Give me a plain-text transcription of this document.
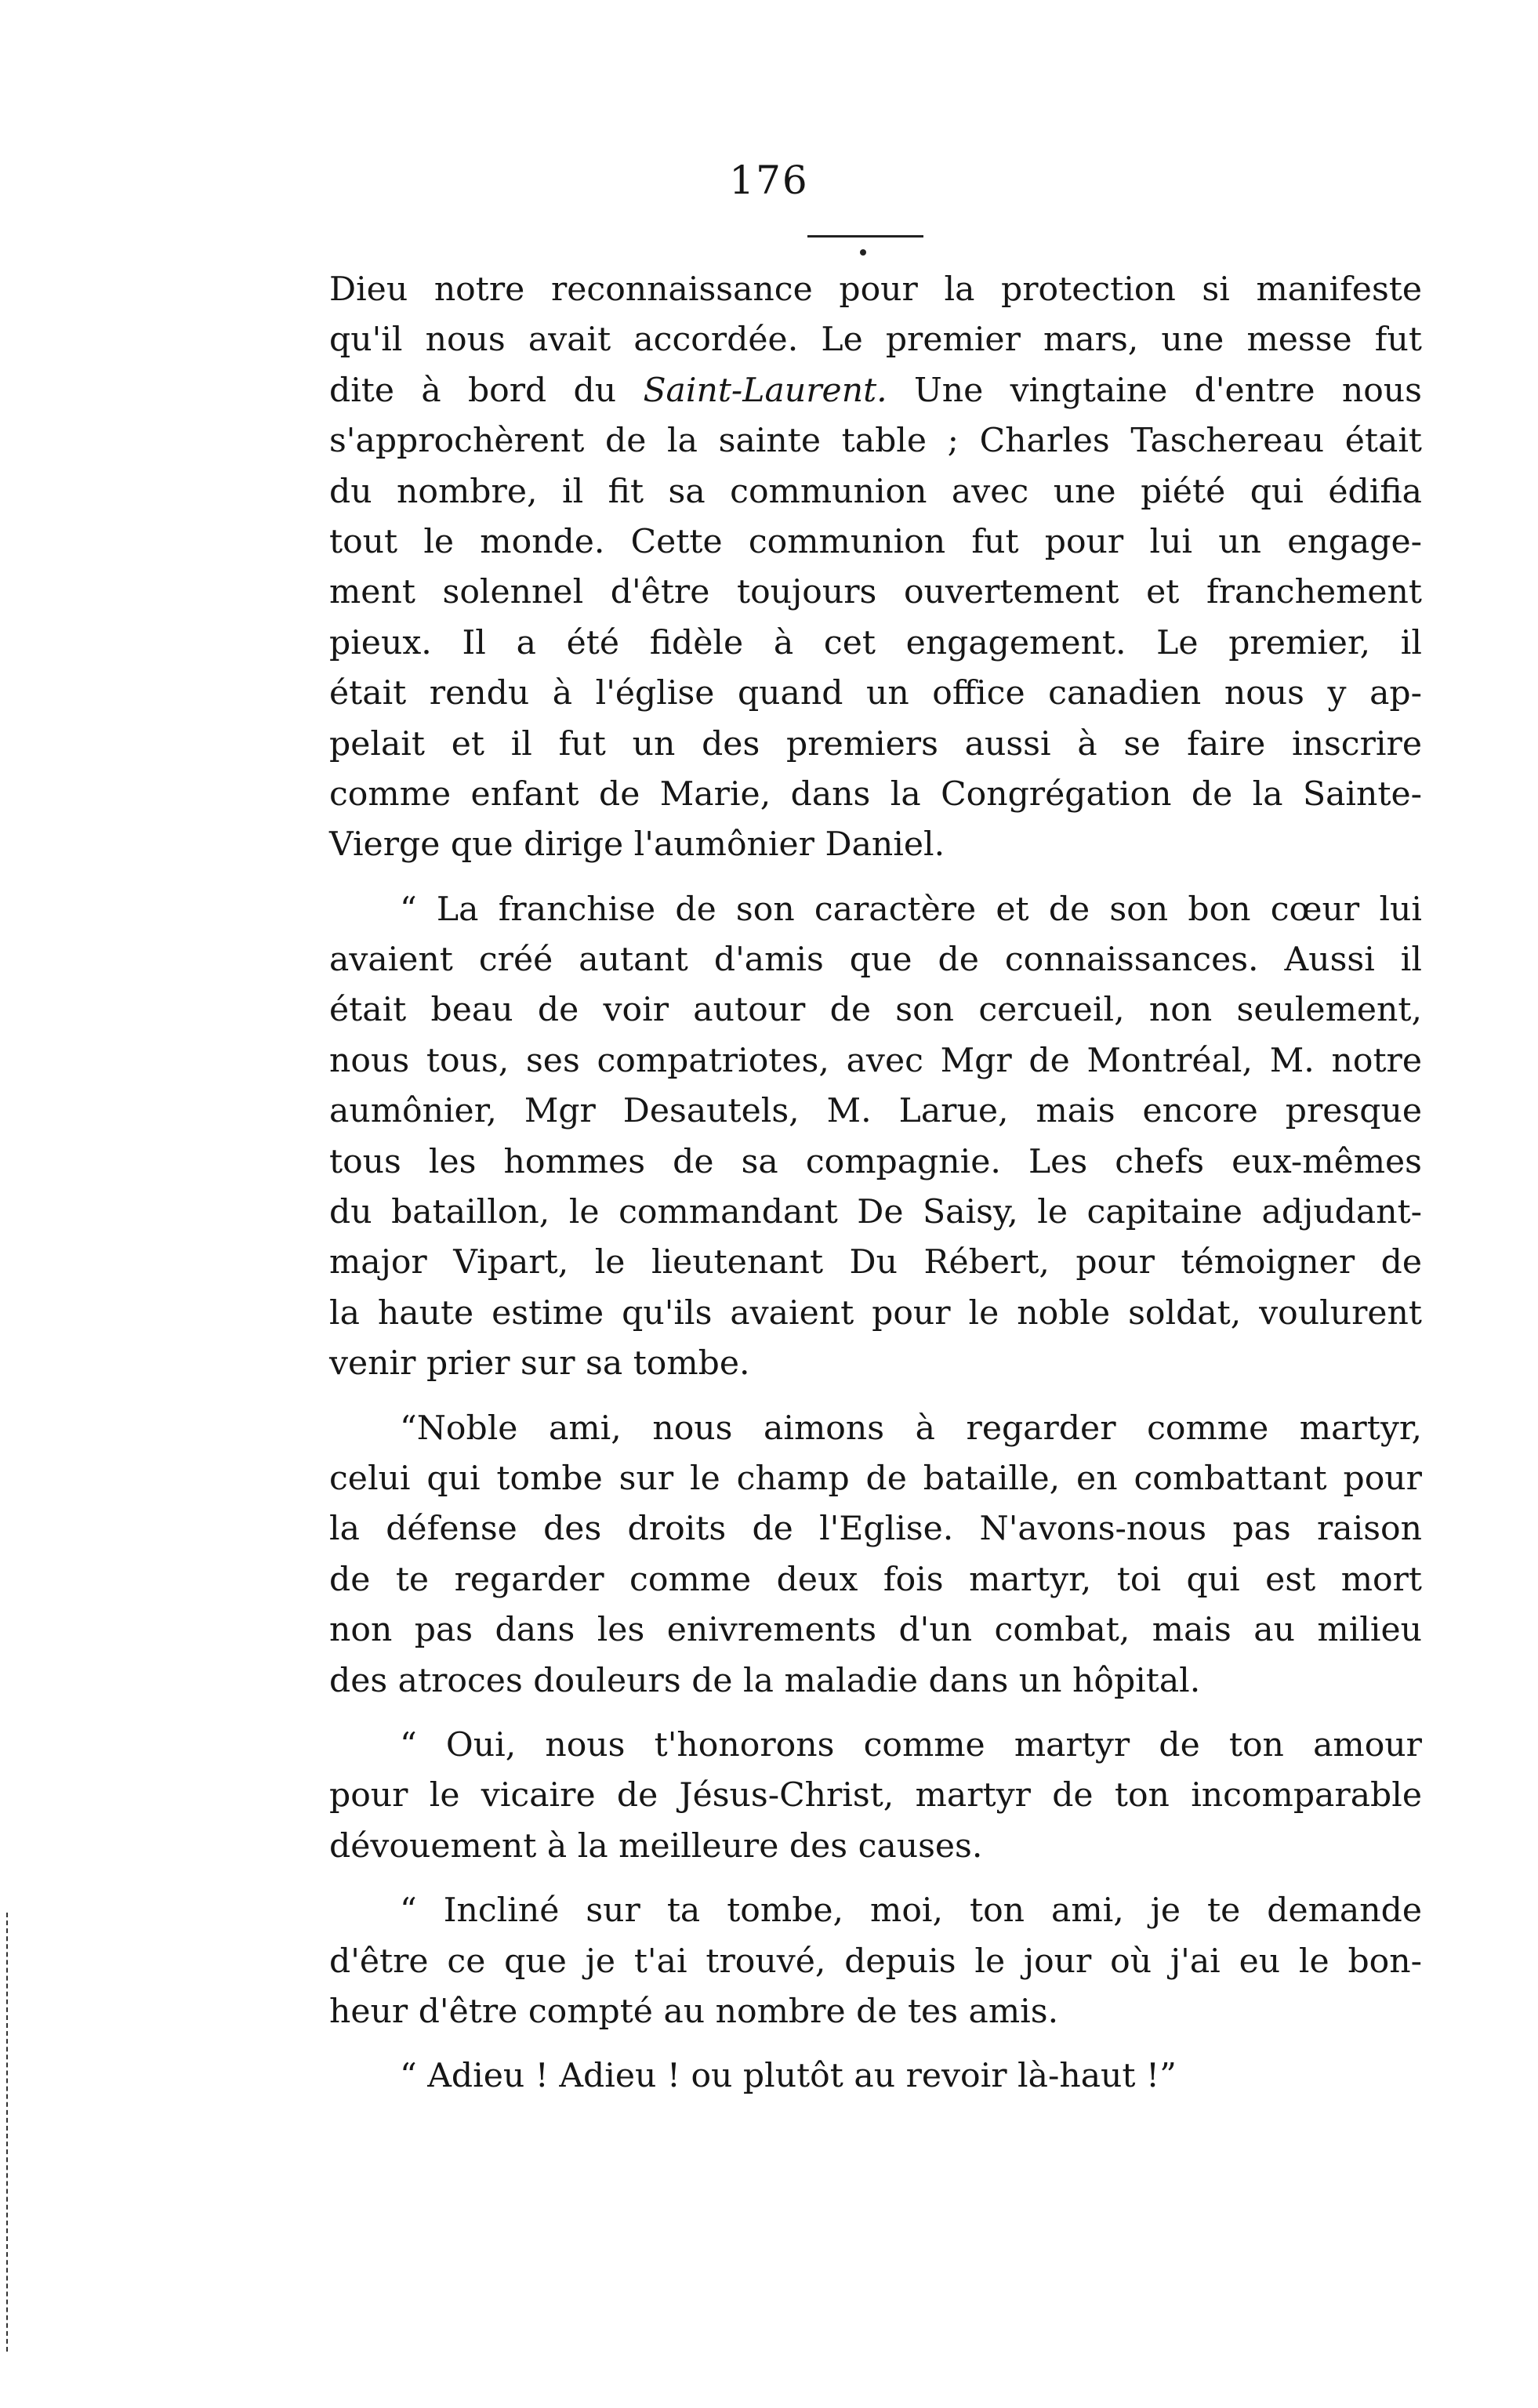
176
Dieu notre reconnaissance pour la protection si manifeste
qu'il nous avait accordée. Le premier mars, une messe fut
dite à bord du Saint-Laurent. Une vingtaine d'entre nous
s'approchèrent de la sainte table ; Charles Taschereau était
du nombre, il fit sa communion avec une piété qui édifia
tout le monde. Cette communion fut pour lui un engage-
ment solennel d'être toujours ouvertement et franchement
pieux. Il a été fidèle à cet engagement. Le premier, il
était rendu à l'église quand un office canadien nous y ap-
pelait et il fut un des premiers aussi à se faire inscrire
comme enfant de Marie, dans la Congrégation de la Sainte-
Vierge que dirige l'aumônier Daniel.
“ La franchise de son caractère et de son bon cœur lui
avaient créé autant d'amis que de connaissances. Aussi il
était beau de voir autour de son cercueil, non seulement,
nous tous, ses compatriotes, avec Mgr de Montréal, M. notre
aumônier, Mgr Desautels, M. Larue, mais encore presque
tous les hommes de sa compagnie. Les chefs eux-mêmes
du bataillon, le commandant De Saisy, le capitaine adjudant-
major Vipart, le lieutenant Du Rébert, pour témoigner de
la haute estime qu'ils avaient pour le noble soldat, voulurent
venir prier sur sa tombe.
“Noble ami, nous aimons à regarder comme martyr,
celui qui tombe sur le champ de bataille, en combattant pour
la défense des droits de l'Eglise. N'avons-nous pas raison
de te regarder comme deux fois martyr, toi qui est mort
non pas dans les enivrements d'un combat, mais au milieu
des atroces douleurs de la maladie dans un hôpital.
“ Oui, nous t'honorons comme martyr de ton amour
pour le vicaire de Jésus-Christ, martyr de ton incomparable
dévouement à la meilleure des causes.
“ Incliné sur ta tombe, moi, ton ami, je te demande
d'être ce que je t'ai trouvé, depuis le jour où j'ai eu le bon-
heur d'être compté au nombre de tes amis.
“ Adieu ! Adieu ! ou plutôt au revoir là-haut !”
